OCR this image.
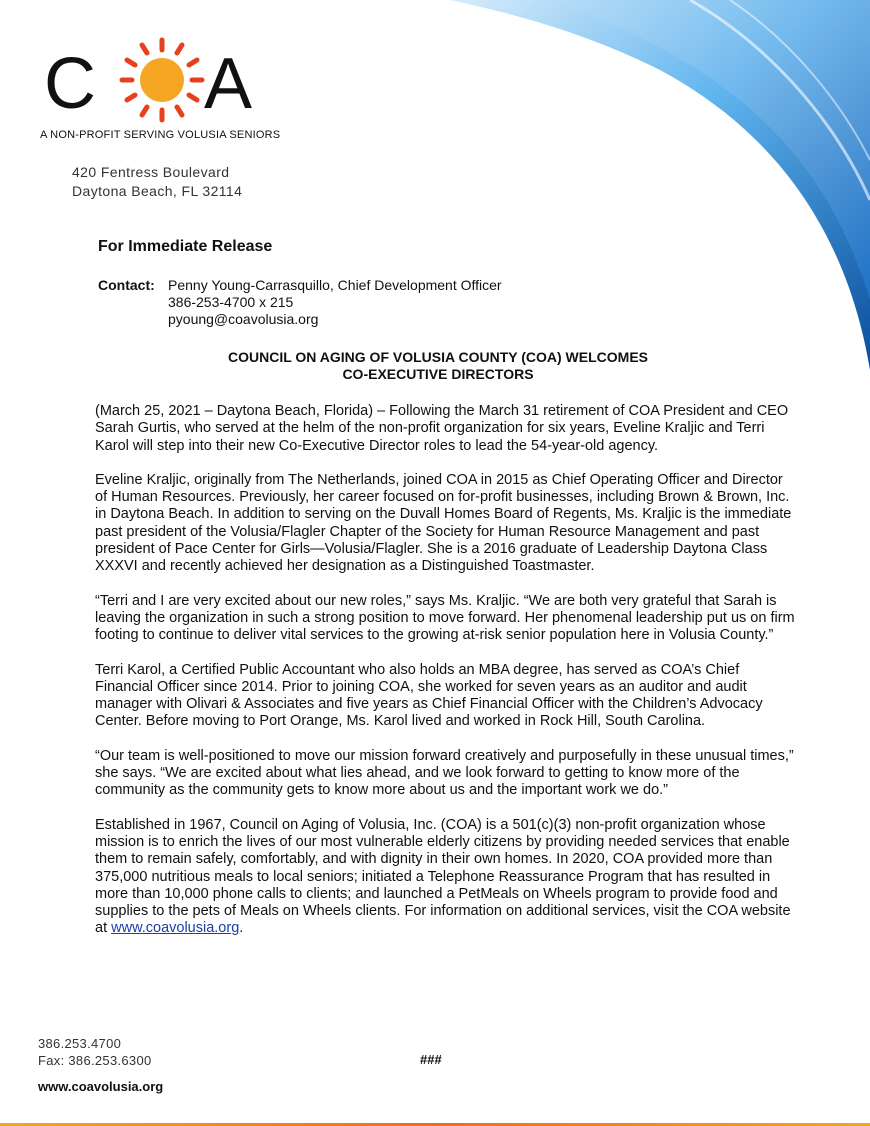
C A
A NON-PROFIT SERVING VOLUSIA SENIORS
420 Fentress Boulevard
Daytona Beach, FL 32114
For Immediate Release
Contact: Penny Young-Carrasquillo, Chief Development Officer
386-253-4700 x 215
pyoung@coavolusia.org
COUNCIL ON AGING OF VOLUSIA COUNTY (COA) WELCOMES
CO-EXECUTIVE DIRECTORS

(March 25, 2021 – Daytona Beach, Florida) – Following the March 31 retirement of COA President and CEO Sarah Gurtis, who served at the helm of the non-profit organization for six years, Eveline Kraljic and Terri Karol will step into their new Co-Executive Director roles to lead the 54-year-old agency.

Eveline Kraljic, originally from The Netherlands, joined COA in 2015 as Chief Operating Officer and Director of Human Resources. Previously, her career focused on for-profit businesses, including Brown & Brown, Inc. in Daytona Beach. In addition to serving on the Duvall Homes Board of Regents, Ms. Kraljic is the immediate past president of the Volusia/Flagler Chapter of the Society for Human Resource Management and past president of Pace Center for Girls—Volusia/Flagler. She is a 2016 graduate of Leadership Daytona Class XXXVI and recently achieved her designation as a Distinguished Toastmaster.

“Terri and I are very excited about our new roles,” says Ms. Kraljic. “We are both very grateful that Sarah is leaving the organization in such a strong position to move forward. Her phenomenal leadership put us on firm footing to continue to deliver vital services to the growing at-risk senior population here in Volusia County.”

Terri Karol, a Certified Public Accountant who also holds an MBA degree, has served as COA’s Chief Financial Officer since 2014. Prior to joining COA, she worked for seven years as an auditor and audit manager with Olivari & Associates and five years as Chief Financial Officer with the Children’s Advocacy Center. Before moving to Port Orange, Ms. Karol lived and worked in Rock Hill, South Carolina.

“Our team is well-positioned to move our mission forward creatively and purposefully in these unusual times,” she says. “We are excited about what lies ahead, and we look forward to getting to know more of the community as the community gets to know more about us and the important work we do.”

Established in 1967, Council on Aging of Volusia, Inc. (COA) is a 501(c)(3) non-profit organization whose mission is to enrich the lives of our most vulnerable elderly citizens by providing needed services that enable them to remain safely, comfortably, and with dignity in their own homes. In 2020, COA provided more than 375,000 nutritious meals to local seniors; initiated a Telephone Reassurance Program that has resulted in more than 10,000 phone calls to clients; and launched a PetMeals on Wheels program to provide food and supplies to the pets of Meals on Wheels clients. For information on additional services, visit the COA website at www.coavolusia.org.

386.253.4700
Fax: 386.253.6300	###
www.coavolusia.org
